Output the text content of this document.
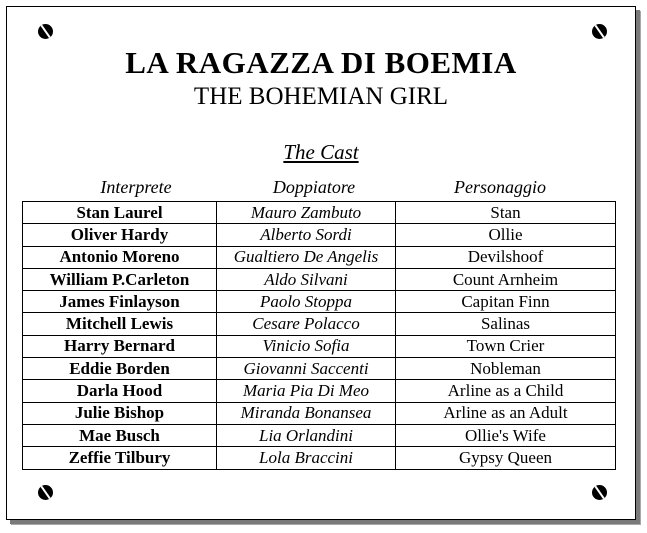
LA RAGAZZA DI BOEMIA
THE BOHEMIAN GIRL
The Cast
Interprete	Doppiatore	Personaggio
Stan Laurel	Mauro Zambuto	Stan
Oliver Hardy	Alberto Sordi	Ollie
Antonio Moreno	Gualtiero De Angelis	Devilshoof
William P.Carleton	Aldo Silvani	Count Arnheim
James Finlayson	Paolo Stoppa	Capitan Finn
Mitchell Lewis	Cesare Polacco	Salinas
Harry Bernard	Vinicio Sofia	Town Crier
Eddie Borden	Giovanni Saccenti	Nobleman
Darla Hood	Maria Pia Di Meo	Arline as a Child
Julie Bishop	Miranda Bonansea	Arline as an Adult
Mae Busch	Lia Orlandini	Ollie's Wife
Zeffie Tilbury	Lola Braccini	Gypsy Queen
